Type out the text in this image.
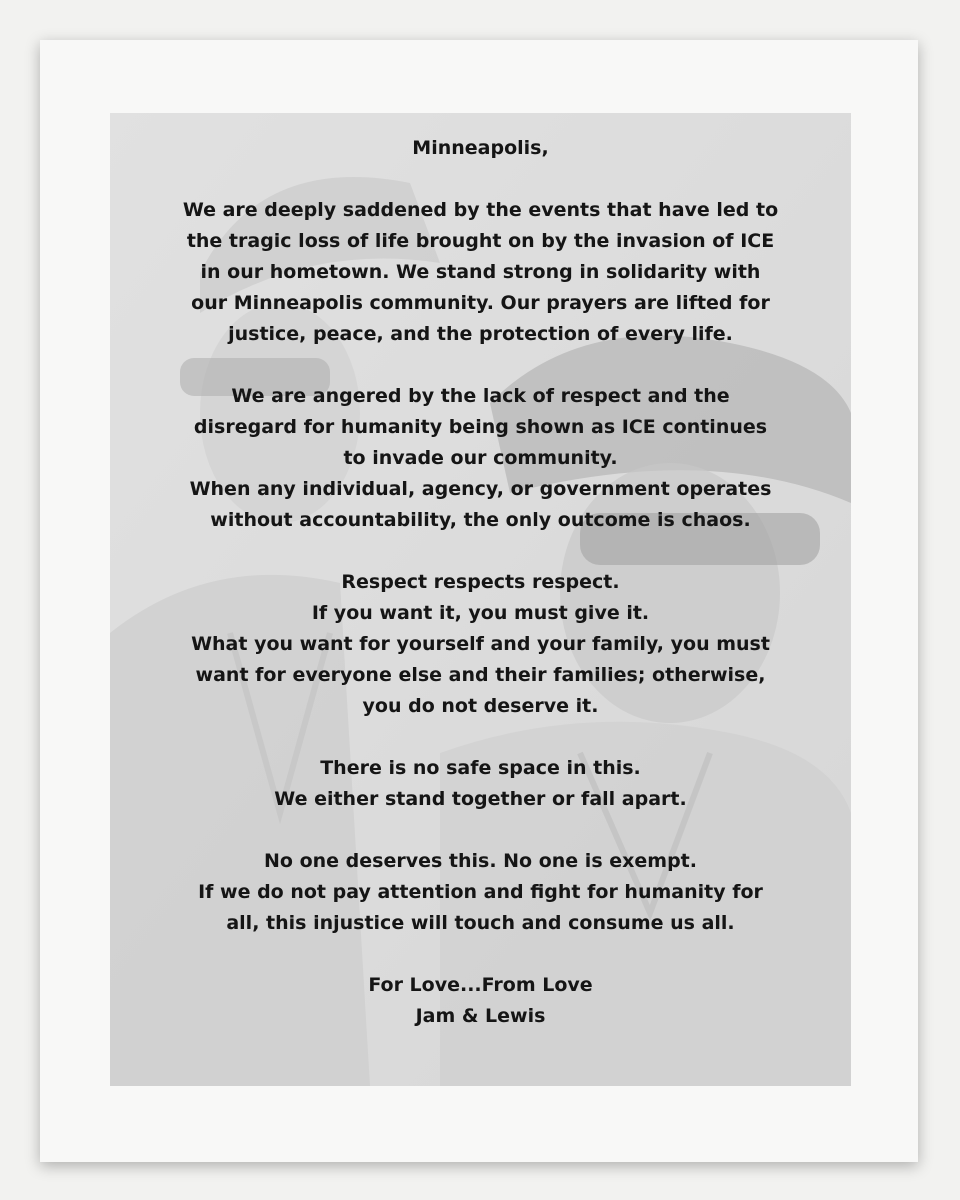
Minneapolis,

We are deeply saddened by the events that have led to
the tragic loss of life brought on by the invasion of ICE
in our hometown. We stand strong in solidarity with
our Minneapolis community. Our prayers are lifted for
justice, peace, and the protection of every life.

We are angered by the lack of respect and the
disregard for humanity being shown as ICE continues
to invade our community.
When any individual, agency, or government operates
without accountability, the only outcome is chaos.

Respect respects respect.
If you want it, you must give it.
What you want for yourself and your family, you must
want for everyone else and their families; otherwise,
you do not deserve it.

There is no safe space in this.
We either stand together or fall apart.

No one deserves this. No one is exempt.
If we do not pay attention and fight for humanity for
all, this injustice will touch and consume us all.

For Love...From Love
Jam & Lewis
